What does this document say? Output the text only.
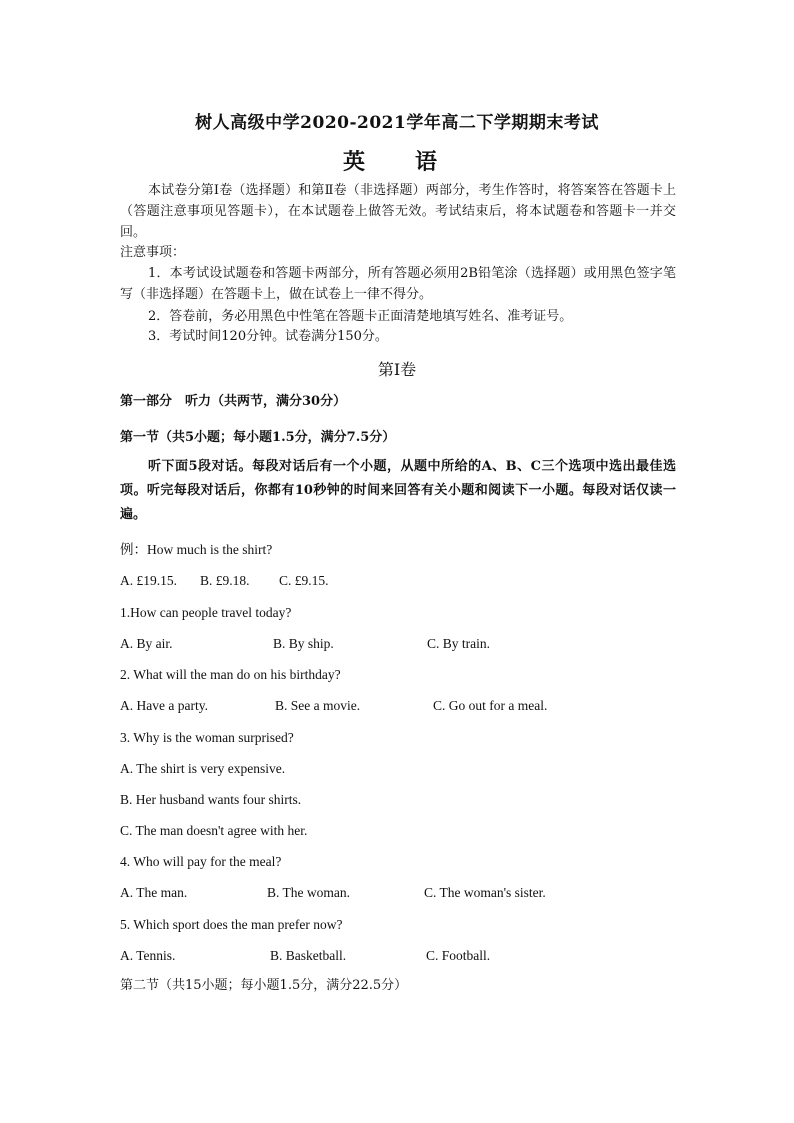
树人高级中学2020-2021学年高二下学期期末考试
英　语
本试卷分第Ⅰ卷（选择题）和第Ⅱ卷（非选择题）两部分，考生作答时，将答案答在答题卡上（答题注意事项见答题卡），在本试题卷上做答无效。考试结束后，将本试题卷和答题卡一并交回。
注意事项：
1．本考试设试题卷和答题卡两部分，所有答题必须用2B铅笔涂（选择题）或用黑色签字笔写（非选择题）在答题卡上，做在试卷上一律不得分。
2．答卷前，务必用黑色中性笔在答题卡正面清楚地填写姓名、准考证号。
3．考试时间120分钟。试卷满分150分。
第Ⅰ卷
第一部分　听力（共两节，满分30分）
第一节（共5小题；每小题1.5分，满分7.5分）
听下面5段对话。每段对话后有一个小题，从题中所给的A、B、C三个选项中选出最佳选项。听完每段对话后，你都有10秒钟的时间来回答有关小题和阅读下一小题。每段对话仅读一遍。
例：How much is the shirt?
A. £19.15. B. £9.18. C. £9.15.
1.How can people travel today?
A. By air.	B. By ship.	C. By train.
2. What will the man do on his birthday?
A. Have a party.	B. See a movie.	C. Go out for a meal.
3. Why is the woman surprised?
A. The shirt is very expensive.
B. Her husband wants four shirts.
C. The man doesn't agree with her.
4. Who will pay for the meal?
A. The man.	B. The woman.	C. The woman's sister.
5. Which sport does the man prefer now?
A. Tennis.	B. Basketball.	C. Football.
第二节（共15小题；每小题1.5分，满分22.5分）
